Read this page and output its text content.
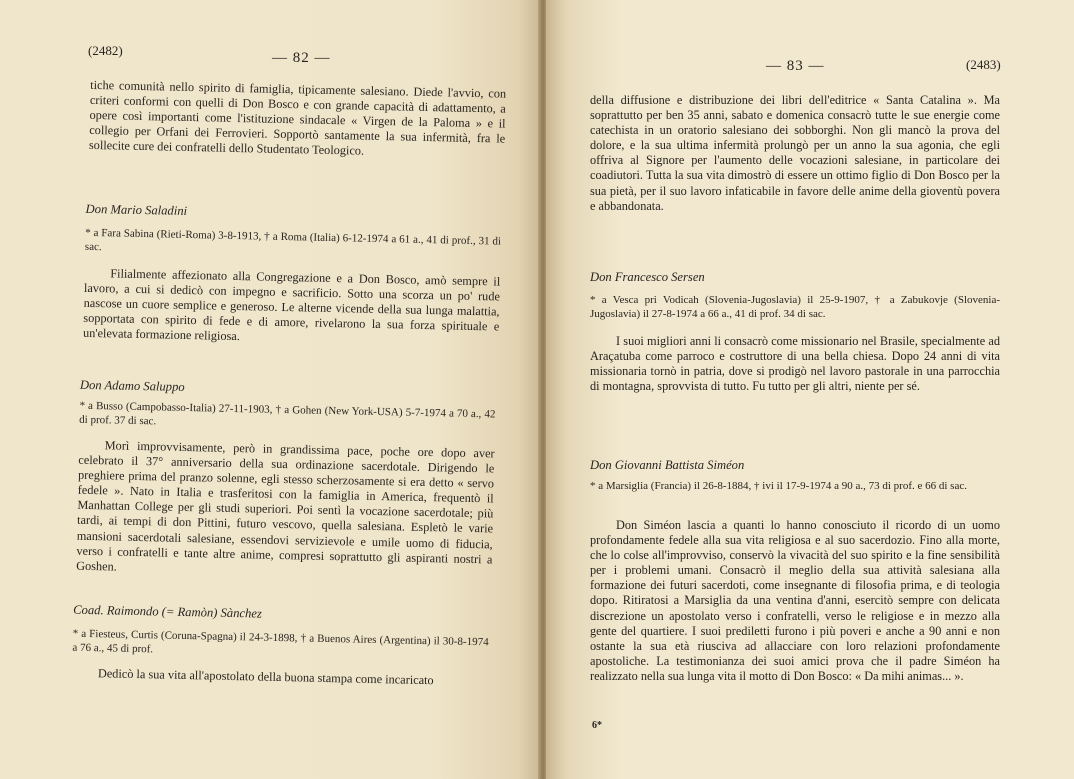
(2482)	— 82 —

tiche comunità nello spirito di famiglia, tipicamente salesiano. Diede l'avvio, con criteri conformi con quelli di Don Bosco e con grande capacità di adattamento, a opere così importanti come l'istituzione sindacale « Virgen de la Paloma » e il collegio per Orfani dei Ferrovieri. Sopportò santamente la sua infermità, fra le sollecite cure dei confratelli dello Studentato Teologico.

Don Mario Saladini
* a Fara Sabina (Rieti-Roma) 3-8-1913, † a Roma (Italia) 6-12-1974 a 61 a., 41 di prof., 31 di sac.

Filialmente affezionato alla Congregazione e a Don Bosco, amò sempre il lavoro, a cui si dedicò con impegno e sacrificio. Sotto una scorza un po' rude nascose un cuore semplice e generoso. Le alterne vicende della sua lunga malattia, sopportata con spirito di fede e di amore, rivelarono la sua forza spirituale e un'elevata formazione religiosa.

Don Adamo Saluppo
* a Busso (Campobasso-Italia) 27-11-1903, † a Gohen (New York-USA) 5-7-1974 a 70 a., 42 di prof. 37 di sac.

Morì improvvisamente, però in grandissima pace, poche ore dopo aver celebrato il 37° anniversario della sua ordinazione sacerdotale. Dirigendo le preghiere prima del pranzo solenne, egli stesso scherzosamente si era detto « servo fedele ». Nato in Italia e trasferitosi con la famiglia in America, frequentò il Manhattan College per gli studi superiori. Poi sentì la vocazione sacerdotale; più tardi, ai tempi di don Pittini, futuro vescovo, quella salesiana. Espletò le varie mansioni sacerdotali salesiane, essendovi servizievole e umile uomo di fiducia, verso i confratelli e tante altre anime, compresi soprattutto gli aspiranti nostri a Goshen.

Coad. Raimondo (= Ramòn) Sànchez
* a Fiesteus, Curtis (Coruna-Spagna) il 24-3-1898, † a Buenos Aires (Argentina) il 30-8-1974 a 76 a., 45 di prof.

Dedicò la sua vita all'apostolato della buona stampa come incaricato

— 83 —	(2483)

della diffusione e distribuzione dei libri dell'editrice « Santa Catalina ». Ma soprattutto per ben 35 anni, sabato e domenica consacrò tutte le sue energie come catechista in un oratorio salesiano dei sobborghi. Non gli mancò la prova del dolore, e la sua ultima infermità prolungò per un anno la sua agonia, che egli offriva al Signore per l'aumento delle vocazioni salesiane, in particolare dei coadiutori. Tutta la sua vita dimostrò di essere un ottimo figlio di Don Bosco per la sua pietà, per il suo lavoro infaticabile in favore delle anime della gioventù povera e abbandonata.

Don Francesco Sersen
* a Vesca pri Vodicah (Slovenia-Jugoslavia) il 25-9-1907, † a Zabukovje (Slovenia-Jugoslavia) il 27-8-1974 a 66 a., 41 di prof. 34 di sac.

I suoi migliori anni li consacrò come missionario nel Brasile, specialmente ad Araçatuba come parroco e costruttore di una bella chiesa. Dopo 24 anni di vita missionaria tornò in patria, dove si prodigò nel lavoro pastorale in una parrocchia di montagna, sprovvista di tutto. Fu tutto per gli altri, niente per sé.

Don Giovanni Battista Siméon
* a Marsiglia (Francia) il 26-8-1884, † ivi il 17-9-1974 a 90 a., 73 di prof. e 66 di sac.

Don Siméon lascia a quanti lo hanno conosciuto il ricordo di un uomo profondamente fedele alla sua vita religiosa e al suo sacerdozio. Fino alla morte, che lo colse all'improvviso, conservò la vivacità del suo spirito e la fine sensibilità per i problemi umani. Consacrò il meglio della sua attività salesiana alla formazione dei futuri sacerdoti, come insegnante di filosofia prima, e di teologia dopo. Ritiratosi a Marsiglia da una ventina d'anni, esercitò sempre con delicata discrezione un apostolato verso i confratelli, verso le religiose e in mezzo alla gente del quartiere. I suoi prediletti furono i più poveri e anche a 90 anni e non ostante la sua età riusciva ad allacciare con loro relazioni profondamente apostoliche. La testimonianza dei suoi amici prova che il padre Siméon ha realizzato nella sua lunga vita il motto di Don Bosco: « Da mihi animas... ».

6*
